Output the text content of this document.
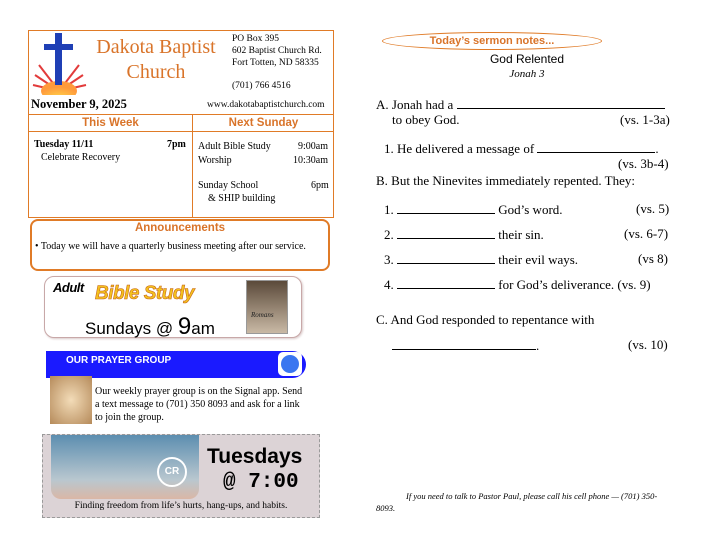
Dakota Baptist Church
PO Box 395
602 Baptist Church Rd.
Fort Totten, ND 58335
(701) 766 4516
November 9, 2025	www.dakotabaptistchurch.com
This Week	Next Sunday
Tuesday 11/11	7pm
Celebrate Recovery
Adult Bible Study	9:00am
Worship	10:30am
Sunday School	6pm
& SHIP building
Announcements
• Today we will have a quarterly business meeting after our service.
Adult Bible Study
Sundays @ 9am
Romans
OUR PRAYER GROUP
Our weekly prayer group is on the Signal app. Send a text message to (701) 350 8093 and ask for a link to join the group.
CR
Tuesdays
@ 7:00
Finding freedom from life’s hurts, hang-ups, and habits.
Today’s sermon notes...
God Relented
Jonah 3
A. Jonah had a
to obey God.	(vs. 1-3a)
1. He delivered a message of	.
(vs. 3b-4)
B. But the Ninevites immediately repented. They:
1.	God’s word.	(vs. 5)
2.	their sin.	(vs. 6-7)
3.	their evil ways.	(vs 8)
4.	for God’s deliverance. (vs. 9)
C. And God responded to repentance with
.	(vs. 10)
If you need to talk to Pastor Paul, please call his cell phone — (701) 350-8093.
